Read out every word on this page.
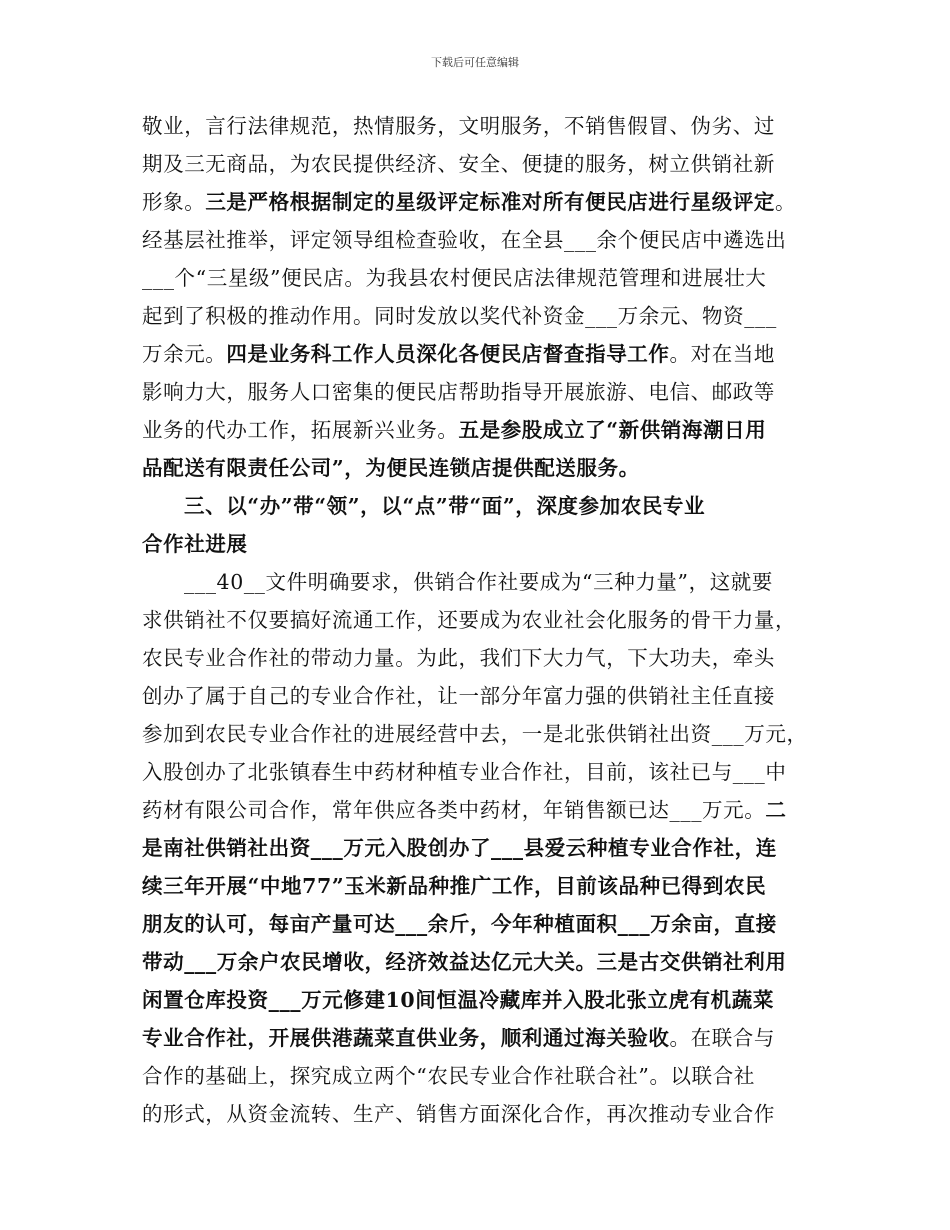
下载后可任意编辑
敬业，言行法律规范，热情服务，文明服务，不销售假冒、伪劣、过
期及三无商品，为农民提供经济、安全、便捷的服务，树立供销社新
形象。三是严格根据制定的星级评定标准对所有便民店进行星级评定。
经基层社推举，评定领导组检查验收，在全县___余个便民店中遴选出
___个“三星级”便民店。为我县农村便民店法律规范管理和进展壮大
起到了积极的推动作用。同时发放以奖代补资金___万余元、物资___
万余元。四是业务科工作人员深化各便民店督查指导工作。对在当地
影响力大，服务人口密集的便民店帮助指导开展旅游、电信、邮政等
业务的代办工作，拓展新兴业务。五是参股成立了“新供销海潮日用
品配送有限责任公司”，为便民连锁店提供配送服务。
三、以“办”带“领”，以“点”带“面”，深度参加农民专业
合作社进展
___40__文件明确要求，供销合作社要成为“三种力量”，这就要
求供销社不仅要搞好流通工作，还要成为农业社会化服务的骨干力量，
农民专业合作社的带动力量。为此，我们下大力气，下大功夫，牵头
创办了属于自己的专业合作社，让一部分年富力强的供销社主任直接
参加到农民专业合作社的进展经营中去，一是北张供销社出资___万元，
入股创办了北张镇春生中药材种植专业合作社，目前，该社已与___中
药材有限公司合作，常年供应各类中药材，年销售额已达___万元。二
是南社供销社出资___万元入股创办了___县爱云种植专业合作社，连
续三年开展“中地77”玉米新品种推广工作，目前该品种已得到农民
朋友的认可，每亩产量可达___余斤，今年种植面积___万余亩，直接
带动___万余户农民增收，经济效益达亿元大关。三是古交供销社利用
闲置仓库投资___万元修建10间恒温冷藏库并入股北张立虎有机蔬菜
专业合作社，开展供港蔬菜直供业务，顺利通过海关验收。在联合与
合作的基础上，探究成立两个“农民专业合作社联合社”。以联合社
的形式，从资金流转、生产、销售方面深化合作，再次推动专业合作
